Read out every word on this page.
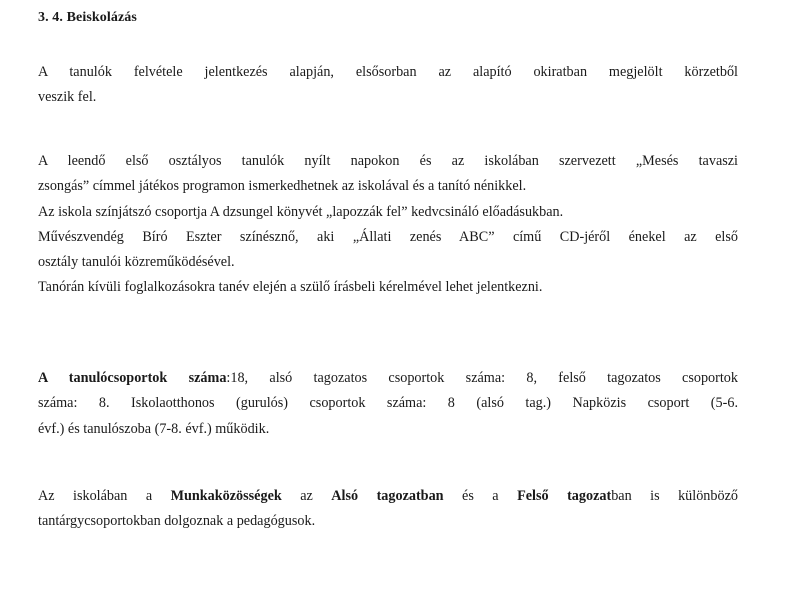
3. 4. Beiskolázás
A tanulók felvétele jelentkezés alapján, elsősorban az alapító okiratban megjelölt körzetből
veszik fel.
A leendő első osztályos tanulók nyílt napokon és az iskolában szervezett „Mesés tavaszi
zsongás” címmel játékos programon ismerkedhetnek az iskolával és a tanító nénikkel.
Az iskola színjátszó csoportja A dzsungel könyvét „lapozzák fel” kedvcsináló előadásukban.
Művészvendég Bíró Eszter színésznő, aki „Állati zenés ABC” című CD-jéről énekel az első
osztály tanulói közreműködésével.
Tanórán kívüli foglalkozásokra tanév elején a szülő írásbeli kérelmével lehet jelentkezni.
A tanulócsoportok száma:18, alsó tagozatos csoportok száma: 8, felső tagozatos csoportok
száma: 8. Iskolaotthonos (gurulós) csoportok száma: 8 (alsó tag.) Napközis csoport (5-6.
évf.) és tanulószoba (7-8. évf.) működik.
Az iskolában a Munkaközösségek az Alsó tagozatban és a Felső tagozatban is különböző
tantárgycsoportokban dolgoznak a pedagógusok.
